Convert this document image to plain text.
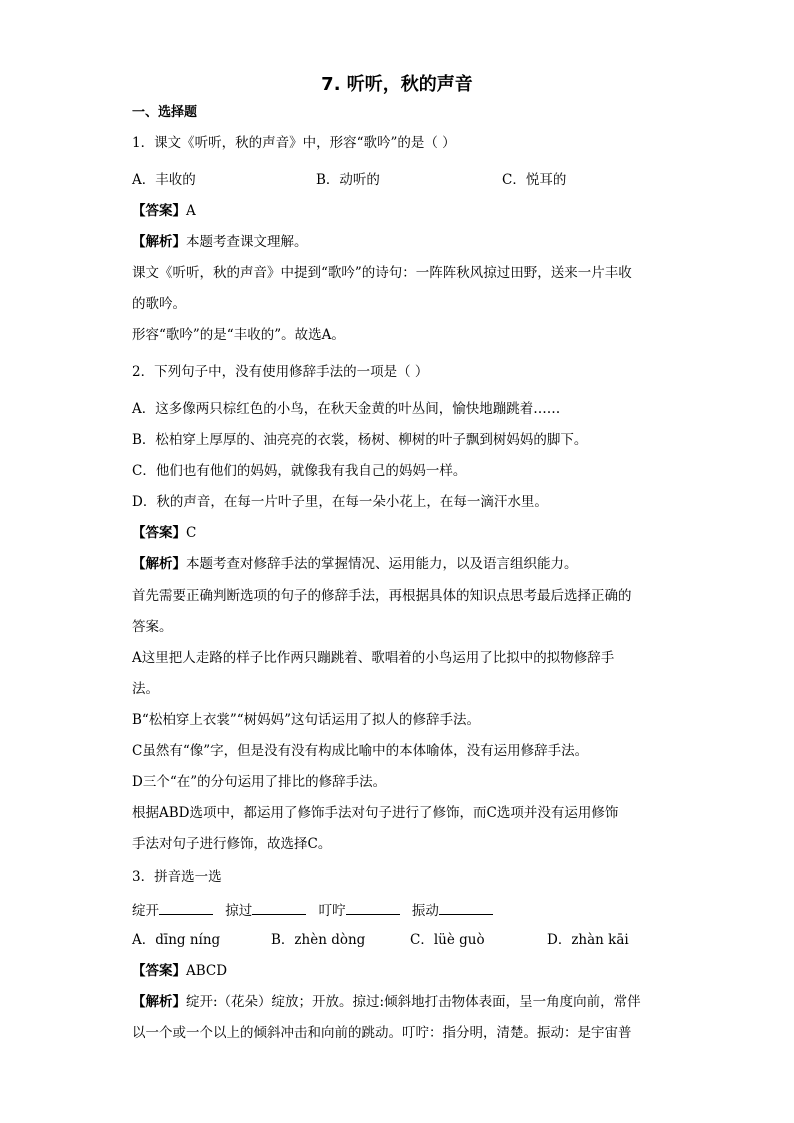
7. 听听，秋的声音
一、选择题
1．课文《听听，秋的声音》中，形容“歌吟”的是（ ）
A．丰收的	B．动听的	C．悦耳的
【答案】A
【解析】本题考查课文理解。
课文《听听，秋的声音》中提到“歌吟”的诗句：一阵阵秋风掠过田野，送来一片丰收
的歌吟。
形容“歌吟”的是“丰收的”。故选A。
2．下列句子中，没有使用修辞手法的一项是（ ）
A．这多像两只棕红色的小鸟，在秋天金黄的叶丛间，愉快地蹦跳着……
B．松柏穿上厚厚的、油亮亮的衣裳，杨树、柳树的叶子飘到树妈妈的脚下。
C．他们也有他们的妈妈，就像我有我自己的妈妈一样。
D．秋的声音，在每一片叶子里，在每一朵小花上，在每一滴汗水里。
【答案】C
【解析】本题考查对修辞手法的掌握情况、运用能力，以及语言组织能力。
首先需要正确判断选项的句子的修辞手法，再根据具体的知识点思考最后选择正确的
答案。
A这里把人走路的样子比作两只蹦跳着、歌唱着的小鸟运用了比拟中的拟物修辞手
法。
B“松柏穿上衣裳”“树妈妈”这句话运用了拟人的修辞手法。
C虽然有“像”字，但是没有没有构成比喻中的本体喻体，没有运用修辞手法。
D三个“在”的分句运用了排比的修辞手法。
根据ABD选项中，都运用了修饰手法对句子进行了修饰，而C选项并没有运用修饰
手法对句子进行修饰，故选择C。
3．拼音选一选
绽开	掠过	叮咛	振动
A．dīng níng	B．zhèn dòng	C．lüè guò	D．zhàn kāi
【答案】ABCD
【解析】绽开:（花朵）绽放；开放。掠过:倾斜地打击物体表面，呈一角度向前，常伴
以一个或一个以上的倾斜冲击和向前的跳动。叮咛：指分明，清楚。振动：是宇宙普
